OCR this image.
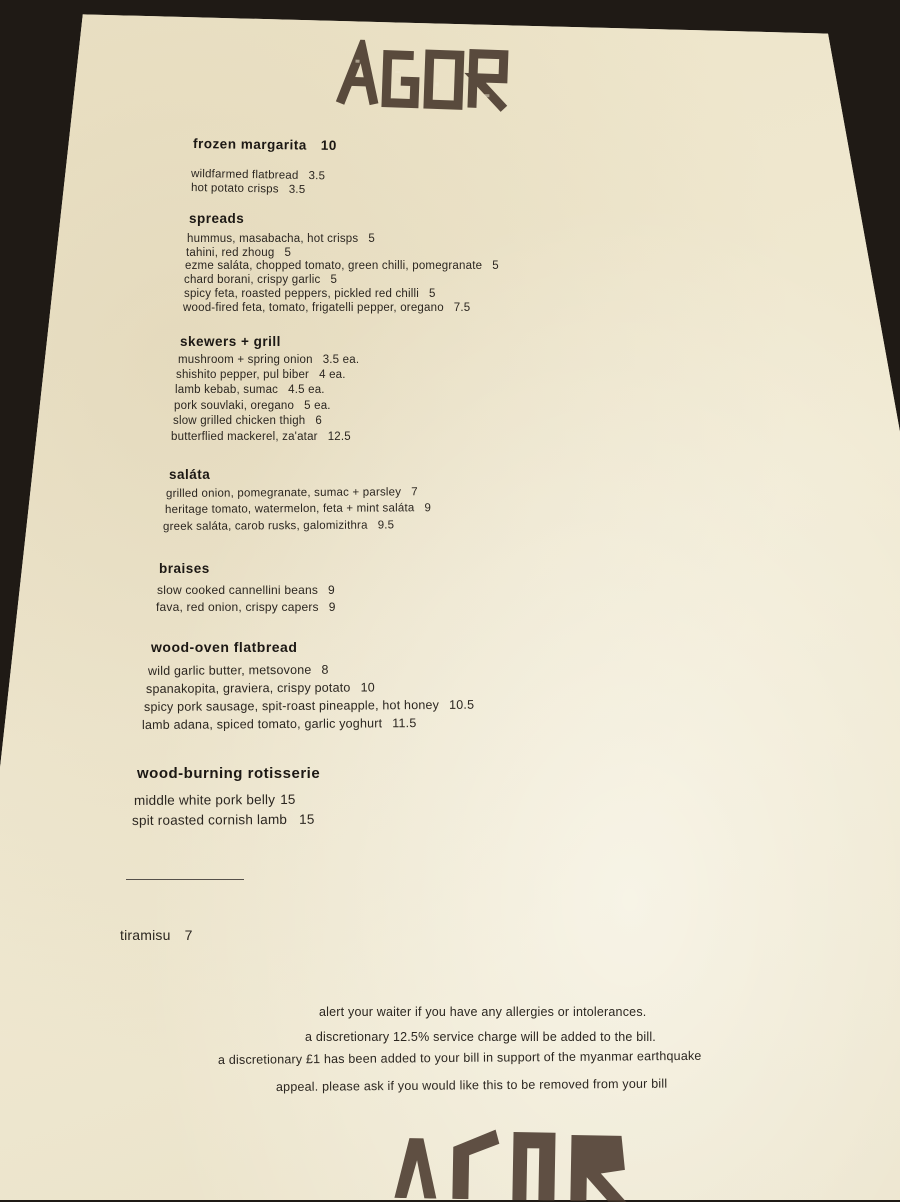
frozen margarita 10
wildfarmed flatbread 3.5
hot potato crisps 3.5
spreads
hummus, masabacha, hot crisps 5
tahini, red zhoug 5
ezme saláta, chopped tomato, green chilli, pomegranate 5
chard borani, crispy garlic 5
spicy feta, roasted peppers, pickled red chilli 5
wood-fired feta, tomato, frigatelli pepper, oregano 7.5
skewers + grill
mushroom + spring onion 3.5 ea.
shishito pepper, pul biber 4 ea.
lamb kebab, sumac 4.5 ea.
pork souvlaki, oregano 5 ea.
slow grilled chicken thigh 6
butterflied mackerel, za'atar 12.5
saláta
grilled onion, pomegranate, sumac + parsley 7
heritage tomato, watermelon, feta + mint saláta 9
greek saláta, carob rusks, galomizithra 9.5
braises
slow cooked cannellini beans 9
fava, red onion, crispy capers 9
wood-oven flatbread
wild garlic butter, metsovone 8
spanakopita, graviera, crispy potato 10
spicy pork sausage, spit-roast pineapple, hot honey 10.5
lamb adana, spiced tomato, garlic yoghurt 11.5
wood-burning rotisserie
middle white pork belly 15
spit roasted cornish lamb 15
tiramisu 7
alert your waiter if you have any allergies or intolerances.
a discretionary 12.5% service charge will be added to the bill.
a discretionary £1 has been added to your bill in support of the myanmar earthquake
appeal. please ask if you would like this to be removed from your bill
